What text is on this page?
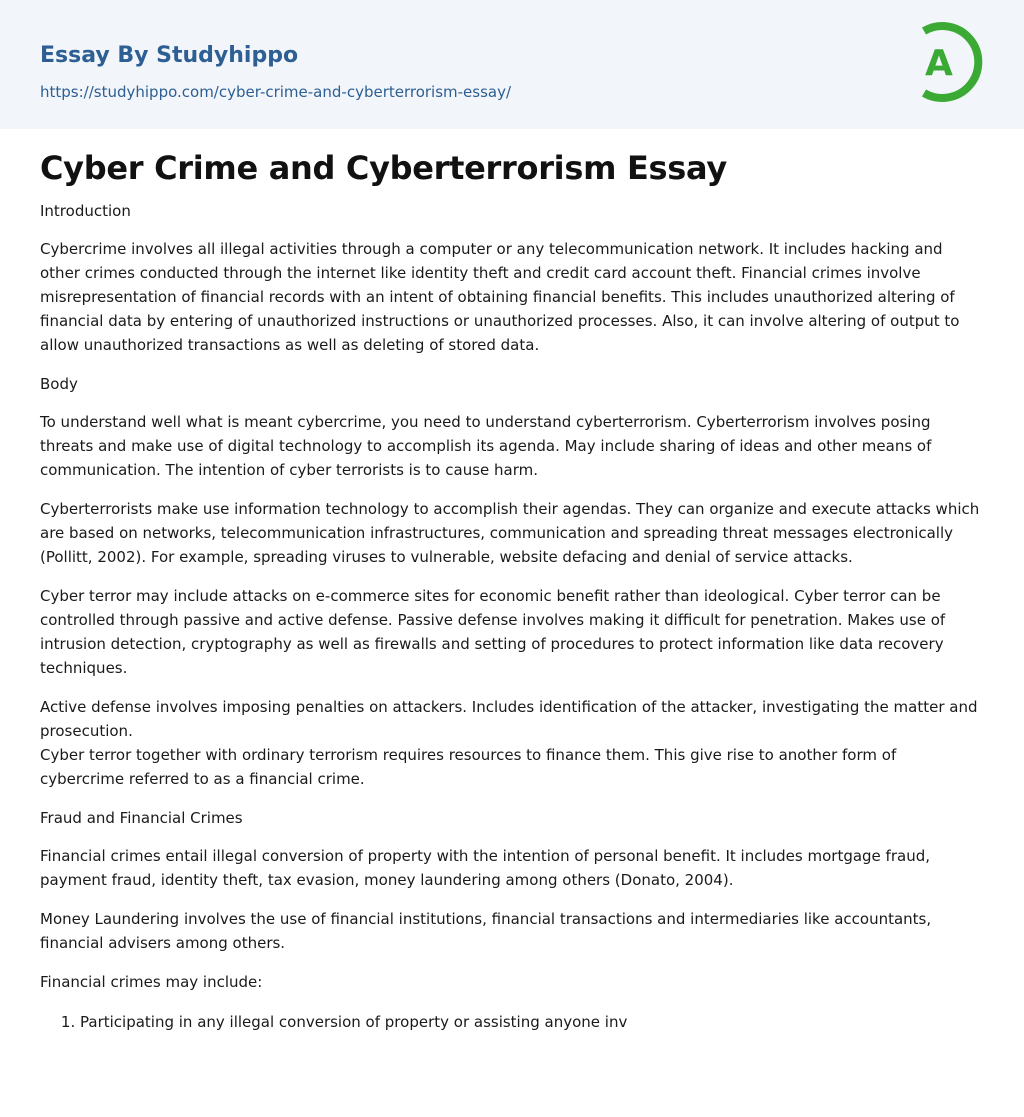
Essay By Studyhippo
https://studyhippo.com/cyber-crime-and-cyberterrorism-essay/
A
Cyber Crime and Cyberterrorism Essay
Introduction

Cybercrime involves all illegal activities through a computer or any telecommunication network. It includes hacking and other crimes conducted through the internet like identity theft and credit card account theft. Financial crimes involve misrepresentation of financial records with an intent of obtaining financial benefits. This includes unauthorized altering of financial data by entering of unauthorized instructions or unauthorized processes. Also, it can involve altering of output to allow unauthorized transactions as well as deleting of stored data.

Body

To understand well what is meant cybercrime, you need to understand cyberterrorism. Cyberterrorism involves posing threats and make use of digital technology to accomplish its agenda. May include sharing of ideas and other means of communication. The intention of cyber terrorists is to cause harm.

Cyberterrorists make use information technology to accomplish their agendas. They can organize and execute attacks which are based on networks, telecommunication infrastructures, communication and spreading threat messages electronically (Pollitt, 2002). For example, spreading viruses to vulnerable, website defacing and denial of service attacks.

Cyber terror may include attacks on e-commerce sites for economic benefit rather than ideological. Cyber terror can be controlled through passive and active defense. Passive defense involves making it difficult for penetration. Makes use of intrusion detection, cryptography as well as firewalls and setting of procedures to protect information like data recovery techniques.

Active defense involves imposing penalties on attackers. Includes identification of the attacker, investigating the matter and prosecution.
Cyber terror together with ordinary terrorism requires resources to finance them. This give rise to another form of cybercrime referred to as a financial crime.

Fraud and Financial Crimes

Financial crimes entail illegal conversion of property with the intention of personal benefit. It includes mortgage fraud, payment fraud, identity theft, tax evasion, money laundering among others (Donato, 2004).

Money Laundering involves the use of financial institutions, financial transactions and intermediaries like accountants, financial advisers among others.

Financial crimes may include:
1. Participating in any illegal conversion of property or assisting anyone inv
